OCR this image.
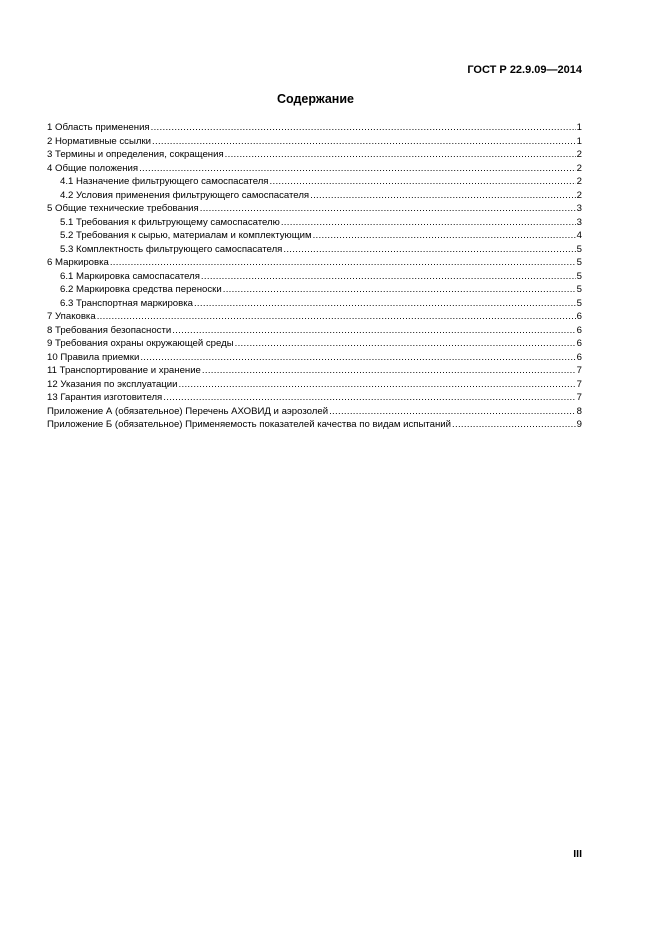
ГОСТ Р 22.9.09—2014
Содержание
1 Область применения .....	1
2 Нормативные ссылки .....	1
3 Термины и определения, сокращения .....	2
4 Общие положения .....	2
4.1 Назначение фильтрующего самоспасателя .....	2
4.2 Условия применения фильтрующего самоспасателя .....	2
5 Общие технические требования .....	3
5.1 Требования к фильтрующему самоспасателю .....	3
5.2 Требования к сырью, материалам и комплектующим .....	4
5.3 Комплектность фильтрующего самоспасателя .....	5
6 Маркировка .....	5
6.1 Маркировка самоспасателя .....	5
6.2 Маркировка средства переноски .....	5
6.3 Транспортная маркировка .....	5
7 Упаковка .....	6
8 Требования безопасности .....	6
9 Требования охраны окружающей среды .....	6
10 Правила приемки .....	6
11 Транспортирование и хранение .....	7
12 Указания по эксплуатации .....	7
13 Гарантия изготовителя .....	7
Приложение А (обязательное) Перечень АХОВИД и аэрозолей .....	8
Приложение Б (обязательное) Применяемость показателей качества по видам испытаний .....	9
III
